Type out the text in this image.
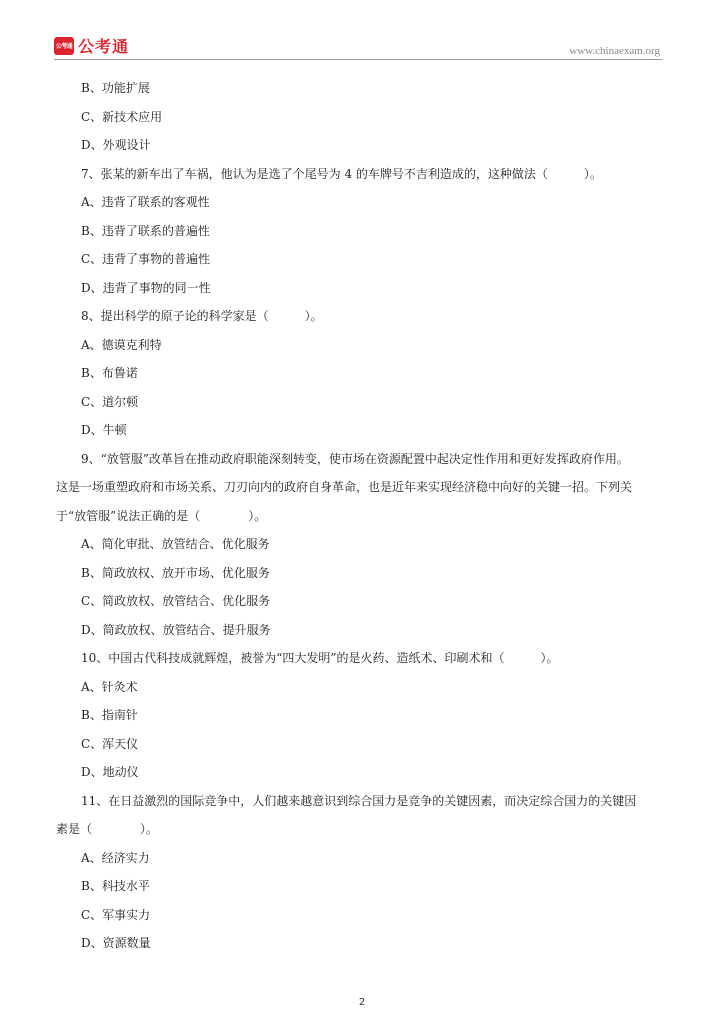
公考通 公考通	www.chinaexam.org
B、功能扩展
C、新技术应用
D、外观设计
7、张某的新车出了车祸，他认为是选了个尾号为 4 的车牌号不吉利造成的，这种做法（　　　）。
A、违背了联系的客观性
B、违背了联系的普遍性
C、违背了事物的普遍性
D、违背了事物的同一性
8、提出科学的原子论的科学家是（　　　）。
A、德谟克利特
B、布鲁诺
C、道尔顿
D、牛顿
9、“放管服”改革旨在推动政府职能深刻转变，使市场在资源配置中起决定性作用和更好发挥政府作用。
这是一场重塑政府和市场关系、刀刃向内的政府自身革命，也是近年来实现经济稳中向好的关键一招。下列关
于“放管服”说法正确的是（　　　　）。
A、简化审批、放管结合、优化服务
B、简政放权、放开市场、优化服务
C、简政放权、放管结合、优化服务
D、简政放权、放管结合、提升服务
10、中国古代科技成就辉煌，被誉为“四大发明”的是火药、造纸术、印刷术和（　　　）。
A、针灸术
B、指南针
C、浑天仪
D、地动仪
11、在日益激烈的国际竞争中，人们越来越意识到综合国力是竞争的关键因素，而决定综合国力的关键因
素是（　　　　）。
A、经济实力
B、科技水平
C、军事实力
D、资源数量
2
